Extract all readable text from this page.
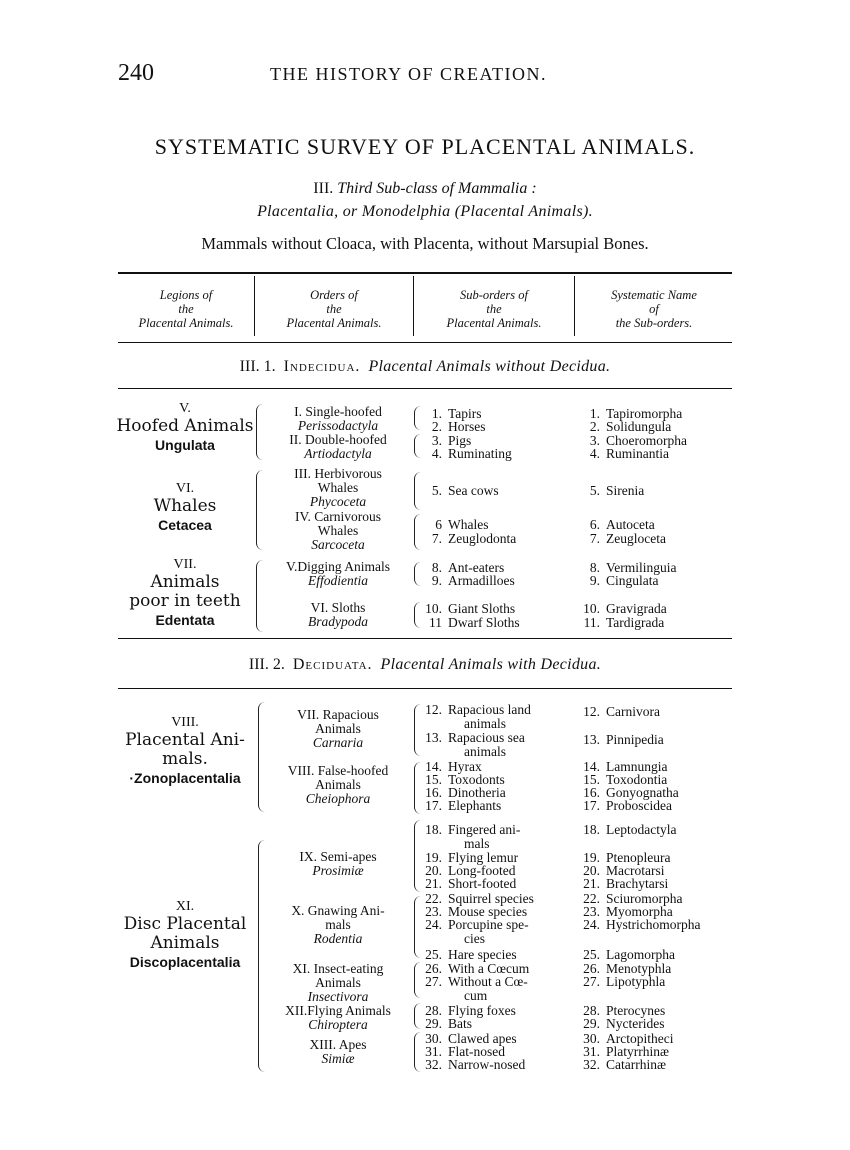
240	THE HISTORY OF CREATION.
SYSTEMATIC SURVEY OF PLACENTAL ANIMALS.
III. Third Sub-class of Mammalia :
Placentalia, or Monodelphia (Placental Animals).
Mammals without Cloaca, with Placenta, without Marsupial Bones.
Legions of
the
Placental Animals.
Orders of
the
Placental Animals.
Sub-orders of
the
Placental Animals.
Systematic Name
of
the Sub-orders.
III. 1. Indecidua. Placental Animals without Decidua.
V.
Hoofed Animals
Ungulata
VI.
Whales
Cetacea
VII.
Animals
poor in teeth
Edentata
I. Single-hoofed
Perissodactyla
II. Double-hoofed
Artiodactyla
III. Herbivorous
Whales
Phycoceta
IV. Carnivorous
Whales
Sarcoceta
V.Digging Animals
Effodientia
VI. Sloths
Bradypoda
1. Tapirs
2. Horses
3. Pigs
4. Ruminating
5. Sea cows
6 Whales
7. Zeuglodonta
8. Ant-eaters
9. Armadilloes
10. Giant Sloths
11 Dwarf Sloths
1. Tapiromorpha
2. Solidungula
3. Choeromorpha
4. Ruminantia
5. Sirenia
6. Autoceta
7. Zeugloceta
8. Vermilinguia
9. Cingulata
10. Gravigrada
11. Tardigrada
III. 2. Deciduata. Placental Animals with Decidua.
VIII.
Placental Ani-
mals.
·Zonoplacentalia
XI.
Disc Placental
Animals
Discoplacentalia
VII. Rapacious
Animals
Carnaria
VIII. False-hoofed
Animals
Cheiophora
IX. Semi-apes
Prosimiæ
X. Gnawing Ani-
mals
Rodentia
XI. Insect-eating
Animals
Insectivora
XII.Flying Animals
Chiroptera
XIII. Apes
Simiæ
12. Rapacious land
animals
13. Rapacious sea
animals
14. Hyrax
15. Toxodonts
16. Dinotheria
17. Elephants
18. Fingered ani-
mals
19. Flying lemur
20. Long-footed
21. Short-footed
22. Squirrel species
23. Mouse species
24. Porcupine spe-
cies
25. Hare species
26. With a Cœcum
27. Without a Cœ-
cum
28. Flying foxes
29. Bats
30. Clawed apes
31. Flat-nosed
32. Narrow-nosed
12. Carnivora
13. Pinnipedia
14. Lamnungia
15. Toxodontia
16. Gonyognatha
17. Proboscidea
18. Leptodactyla
19. Ptenopleura
20. Macrotarsi
21. Brachytarsi
22. Sciuromorpha
23. Myomorpha
24. Hystrichomorpha
25. Lagomorpha
26. Menotyphla
27. Lipotyphla
28. Pterocynes
29. Nycterides
30. Arctopitheci
31. Platyrrhinæ
32. Catarrhinæ
